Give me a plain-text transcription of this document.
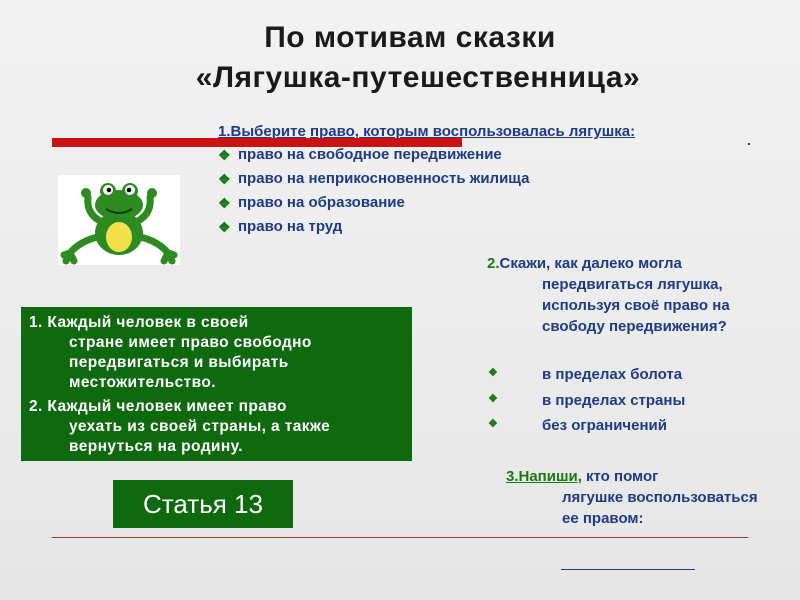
По мотивам сказки
«Лягушка-путешественница»
1.Выберите право, которым воспользовалась лягушка:
❖ право на свободное передвижение
❖ право на неприкосновенность жилища
❖ право на образование
❖ право на труд

1. Каждый человек в своей
стране имеет право свободно передвигаться и выбирать местожительство.

2. Каждый человек имеет право
уехать из своей страны, а также вернуться на родину.

Статья 13
2.Скажи, как далеко могла
передвигаться лягушка, используя своё право на свободу передвижения?
❖	в пределах болота
❖	в пределах страны
❖	без ограничений
3.Напиши, кто помог
лягушке воспользоваться ее правом:
